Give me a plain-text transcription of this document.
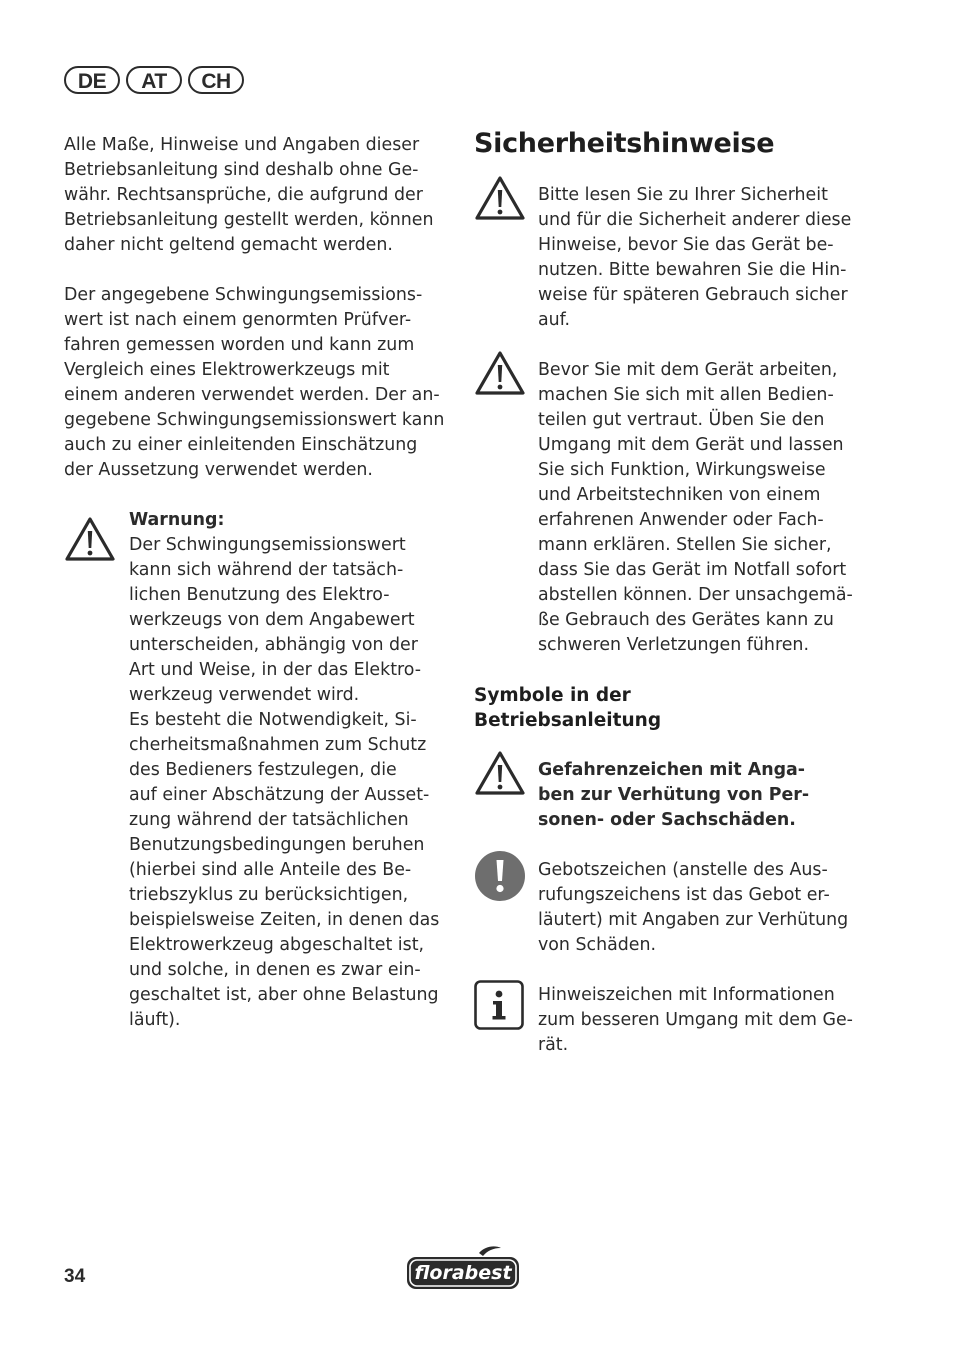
DE	AT	CH

Alle Maße, Hinweise und Angaben dieser
Betriebsanleitung sind deshalb ohne Ge-
währ. Rechtsansprüche, die aufgrund der
Betriebsanleitung gestellt werden, können
daher nicht geltend gemacht werden.

Der angegebene Schwingungsemissions-
wert ist nach einem genormten Prüfver-
fahren gemessen worden und kann zum
Vergleich eines Elektrowerkzeugs mit
einem anderen verwendet werden. Der an-
gegebene Schwingungsemissionswert kann
auch zu einer einleitenden Einschätzung
der Aussetzung verwendet werden.

Warnung:

Der Schwingungsemissionswert
kann sich während der tatsäch-
lichen Benutzung des Elektro-
werkzeugs von dem Angabewert
unterscheiden, abhängig von der
Art und Weise, in der das Elektro-
werkzeug verwendet wird.
Es besteht die Notwendigkeit, Si-
cherheitsmaßnahmen zum Schutz
des Bedieners festzulegen, die
auf einer Abschätzung der Ausset-
zung während der tatsächlichen
Benutzungsbedingungen beruhen
(hierbei sind alle Anteile des Be-
triebszyklus zu berücksichtigen,
beispielsweise Zeiten, in denen das
Elektrowerkzeug abgeschaltet ist,
und solche, in denen es zwar ein-
geschaltet ist, aber ohne Belastung
läuft).

Sicherheitshinweise

Bitte lesen Sie zu Ihrer Sicherheit
und für die Sicherheit anderer diese
Hinweise, bevor Sie das Gerät be-
nutzen. Bitte bewahren Sie die Hin-
weise für späteren Gebrauch sicher
auf.

Bevor Sie mit dem Gerät arbeiten,
machen Sie sich mit allen Bedien-
teilen gut vertraut. Üben Sie den
Umgang mit dem Gerät und lassen
Sie sich Funktion, Wirkungsweise
und Arbeitstechniken von einem
erfahrenen Anwender oder Fach-
mann erklären. Stellen Sie sicher,
dass Sie das Gerät im Notfall sofort
abstellen können. Der unsachgemä-
ße Gebrauch des Gerätes kann zu
schweren Verletzungen führen.

Symbole in der
Betriebsanleitung

Gefahrenzeichen mit Anga-
ben zur Verhütung von Per-
sonen- oder Sachschäden.

Gebotszeichen (anstelle des Aus-
rufungszeichens ist das Gebot er-
läutert) mit Angaben zur Verhütung
von Schäden.

Hinweiszeichen mit Informationen
zum besseren Umgang mit dem Ge-
rät.

34	florabest
